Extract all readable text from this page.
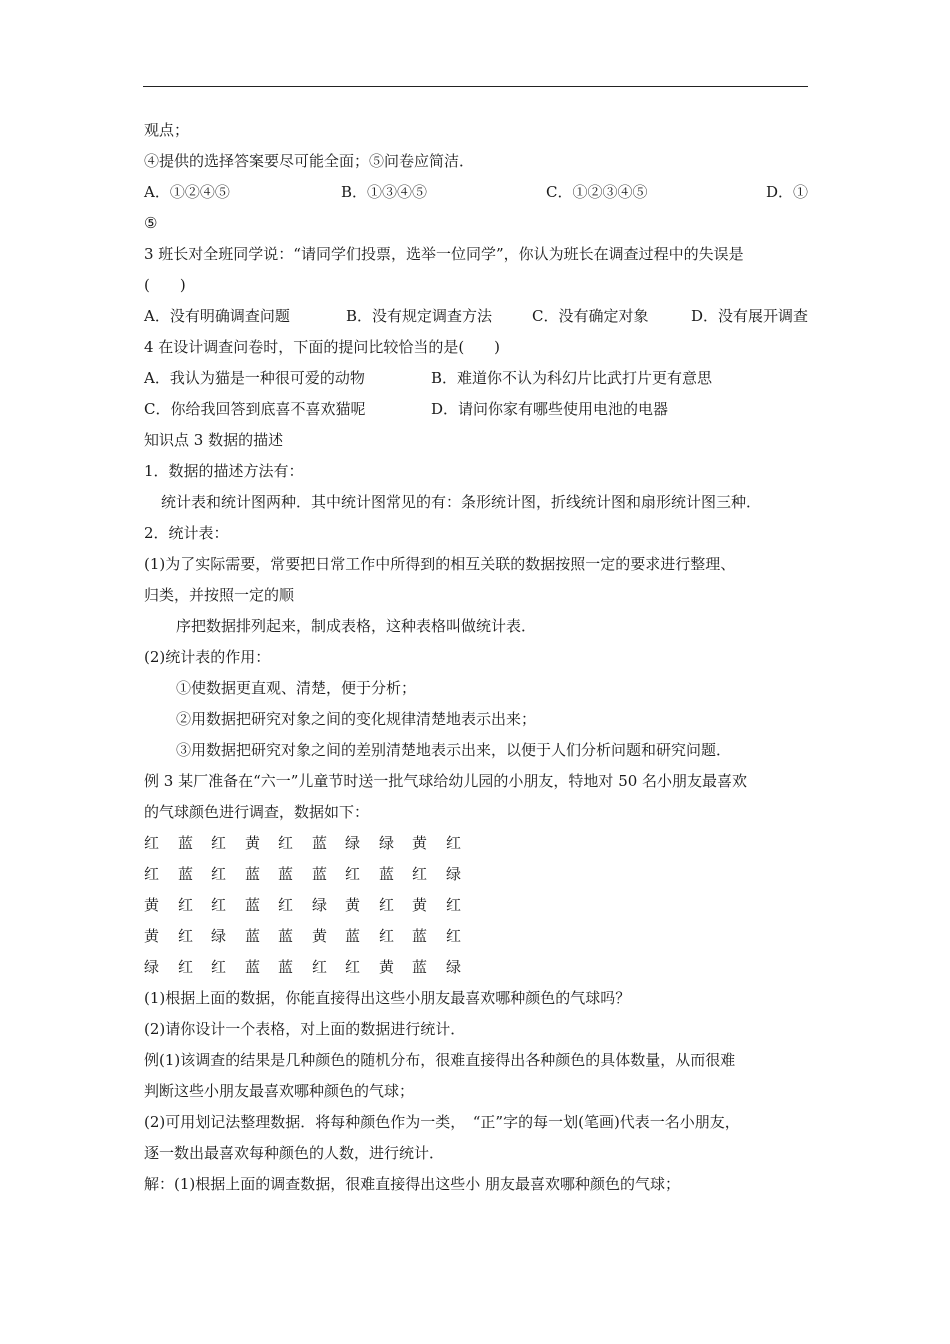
观点；
④提供的选择答案要尽可能全面；⑤问卷应简洁．
A．①②④⑤	B．①③④⑤	C．①②③④⑤	D．①
⑤
3 班长对全班同学说：“请同学们投票，选举一位同学”，你认为班长在调查过程中的失误是
(　　)
A．没有明确调查问题	B．没有规定调查方法	C．没有确定对象	D．没有展开调查
4 在设计调查问卷时，下面的提问比较恰当的是(　　)
A．我认为猫是一种很可爱的动物	B．难道你不认为科幻片比武打片更有意思
C．你给我回答到底喜不喜欢猫呢	D．请问你家有哪些使用电池的电器
知识点 3 数据的描述
1．数据的描述方法有：
统计表和统计图两种．其中统计图常见的有：条形统计图，折线统计图和扇形统计图三种．
2．统计表：
(1)为了实际需要，常要把日常工作中所得到的相互关联的数据按照一定的要求进行整理、
归类，并按照一定的顺
序把数据排列起来，制成表格，这种表格叫做统计表．
(2)统计表的作用：
①使数据更直观、清楚，便于分析；
②用数据把研究对象之间的变化规律清楚地表示出来；
③用数据把研究对象之间的差别清楚地表示出来，以便于人们分析问题和研究问题．
例 3 某厂准备在“六一”儿童节时送一批气球给幼儿园的小朋友，特地对 50 名小朋友最喜欢
的气球颜色进行调查，数据如下：
红 蓝 红 黄 红 蓝 绿 绿 黄 红
红 蓝 红 蓝 蓝 蓝 红 蓝 红 绿
黄 红 红 蓝 红 绿 黄 红 黄 红
黄 红 绿 蓝 蓝 黄 蓝 红 蓝 红
绿 红 红 蓝 蓝 红 红 黄 蓝 绿
(1)根据上面的数据，你能直接得出这些小朋友最喜欢哪种颜色的气球吗？
(2)请你设计一个表格，对上面的数据进行统计．
例(1)该调查的结果是几种颜色的随机分布，很难直接得出各种颜色的具体数量，从而很难
判断这些小朋友最喜欢哪种颜色的气球；
(2)可用划记法整理数据．将每种颜色作为一类，　“正”字的每一划(笔画)代表一名小朋友，
逐一数出最喜欢每种颜色的人数，进行统计．
解：(1)根据上面的调查数据，很难直接得出这些小 朋友最喜欢哪种颜色的气球；
